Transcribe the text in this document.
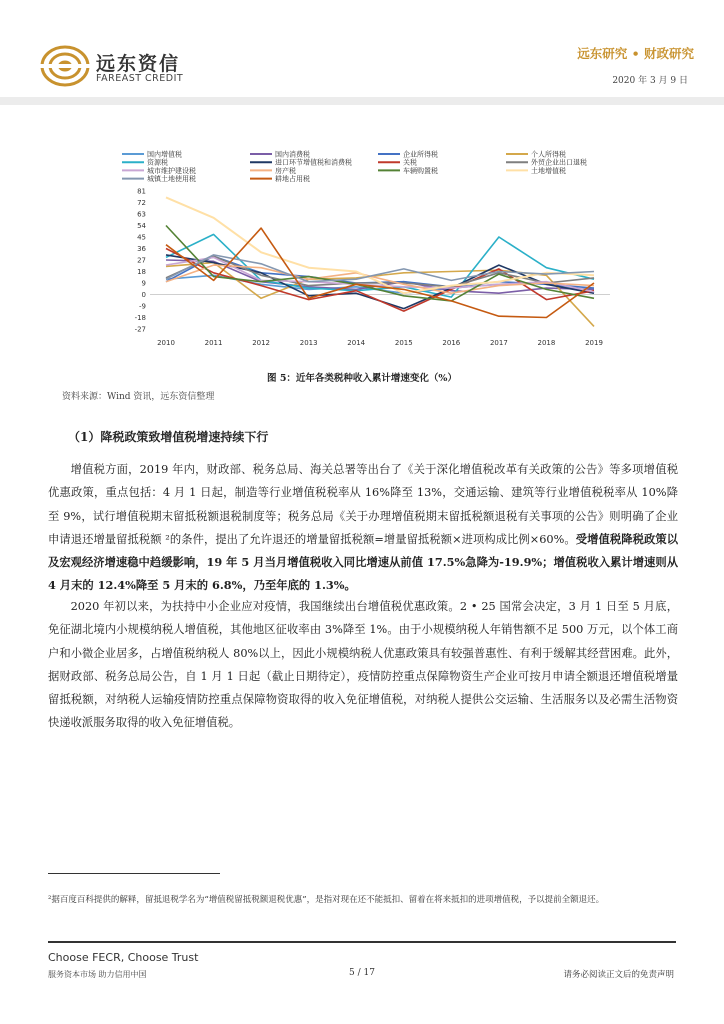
远东资信
FAREAST CREDIT
远东研究 • 财政研究
2020 年 3 月 9 日
81
72
63
54
45
36
27
18
9
0
-9
-18
-27
2010	2011	2012	2013	2014	2015	2016	2017	2018	2019
国内增值税	国内消费税	企业所得税	个人所得税
资源税	进口环节增值税和消费税	关税	外贸企业出口退税
城市维护建设税	房产税	车辆购置税	土地增值税
城镇土地使用税	耕地占用税
图 5：近年各类税种收入累计增速变化（%）
资料来源：Wind 资讯，远东资信整理
（1）降税政策致增值税增速持续下行

增值税方面，2019 年内，财政部、税务总局、海关总署等出台了《关于深化增值税改革有关政策的公告》等多项增值税优惠政策，重点包括：4 月 1 日起，制造等行业增值税税率从 16%降至 13%，交通运输、建筑等行业增值税税率从 10%降至 9%，试行增值税期末留抵税额退税制度等；税务总局《关于办理增值税期末留抵税额退税有关事项的公告》则明确了企业申请退还增量留抵税额 ²的条件，提出了允许退还的增量留抵税额=增量留抵税额×进项构成比例×60%。受增值税降税政策以及宏观经济增速稳中趋缓影响，19 年 5 月当月增值税收入同比增速从前值 17.5%急降为-19.9%；增值税收入累计增速则从 4 月末的 12.4%降至 5 月末的 6.8%，乃至年底的 1.3%。

2020 年初以来，为扶持中小企业应对疫情，我国继续出台增值税优惠政策。2 • 25 国常会决定，3 月 1 日至 5 月底，免征湖北境内小规模纳税人增值税，其他地区征收率由 3%降至 1%。由于小规模纳税人年销售额不足 500 万元，以个体工商户和小微企业居多，占增值税纳税人 80%以上，因此小规模纳税人优惠政策具有较强普惠性、有利于缓解其经营困难。此外，据财政部、税务总局公告，自 1 月 1 日起（截止日期待定），疫情防控重点保障物资生产企业可按月申请全额退还增值税增量留抵税额，对纳税人运输疫情防控重点保障物资取得的收入免征增值税，对纳税人提供公交运输、生活服务以及必需生活物资快递收派服务取得的收入免征增值税。

²据百度百科提供的解释，留抵退税学名为“增值税留抵税额退税优惠”，是指对现在还不能抵扣、留着在将来抵扣的进项增值税，予以提前全额退还。
Choose FECR, Choose Trust
服务资本市场 助力信用中国	5 / 17	请务必阅读正文后的免责声明
